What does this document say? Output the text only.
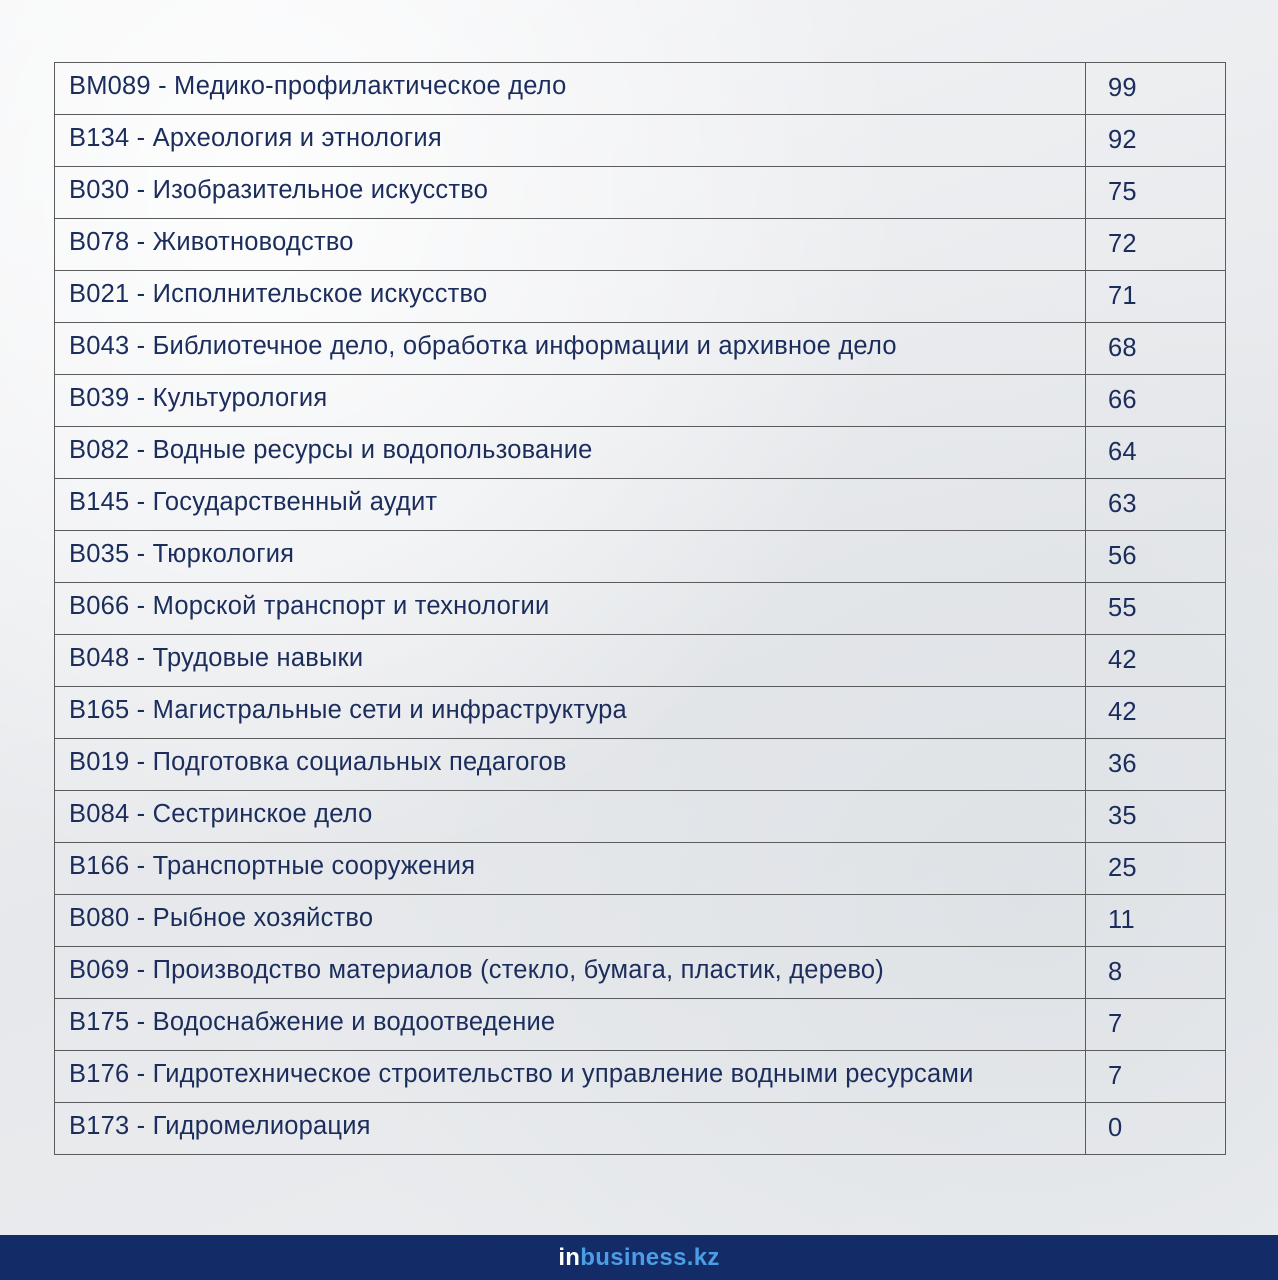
BM089 - Медико-профилактическое дело	99
B134 - Археология и этнология	92
B030 - Изобразительное искусство	75
B078 - Животноводство	72
B021 - Исполнительское искусство	71
B043 - Библиотечное дело, обработка информации и архивное дело	68
B039 - Культурология	66
B082 - Водные ресурсы и водопользование	64
B145 - Государственный аудит	63
B035 - Тюркология	56
B066 - Морской транспорт и технологии	55
B048 - Трудовые навыки	42
B165 - Магистральные сети и инфраструктура	42
B019 - Подготовка социальных педагогов	36
B084 - Сестринское дело	35
B166 - Транспортные сооружения	25
B080 - Рыбное хозяйство	11
B069 - Производство материалов (стекло, бумага, пластик, дерево)	8
B175 - Водоснабжение и водоотведение	7
B176 - Гидротехническое строительство и управление водными ресурсами	7
B173 - Гидромелиорация	0
inbusiness.kz
